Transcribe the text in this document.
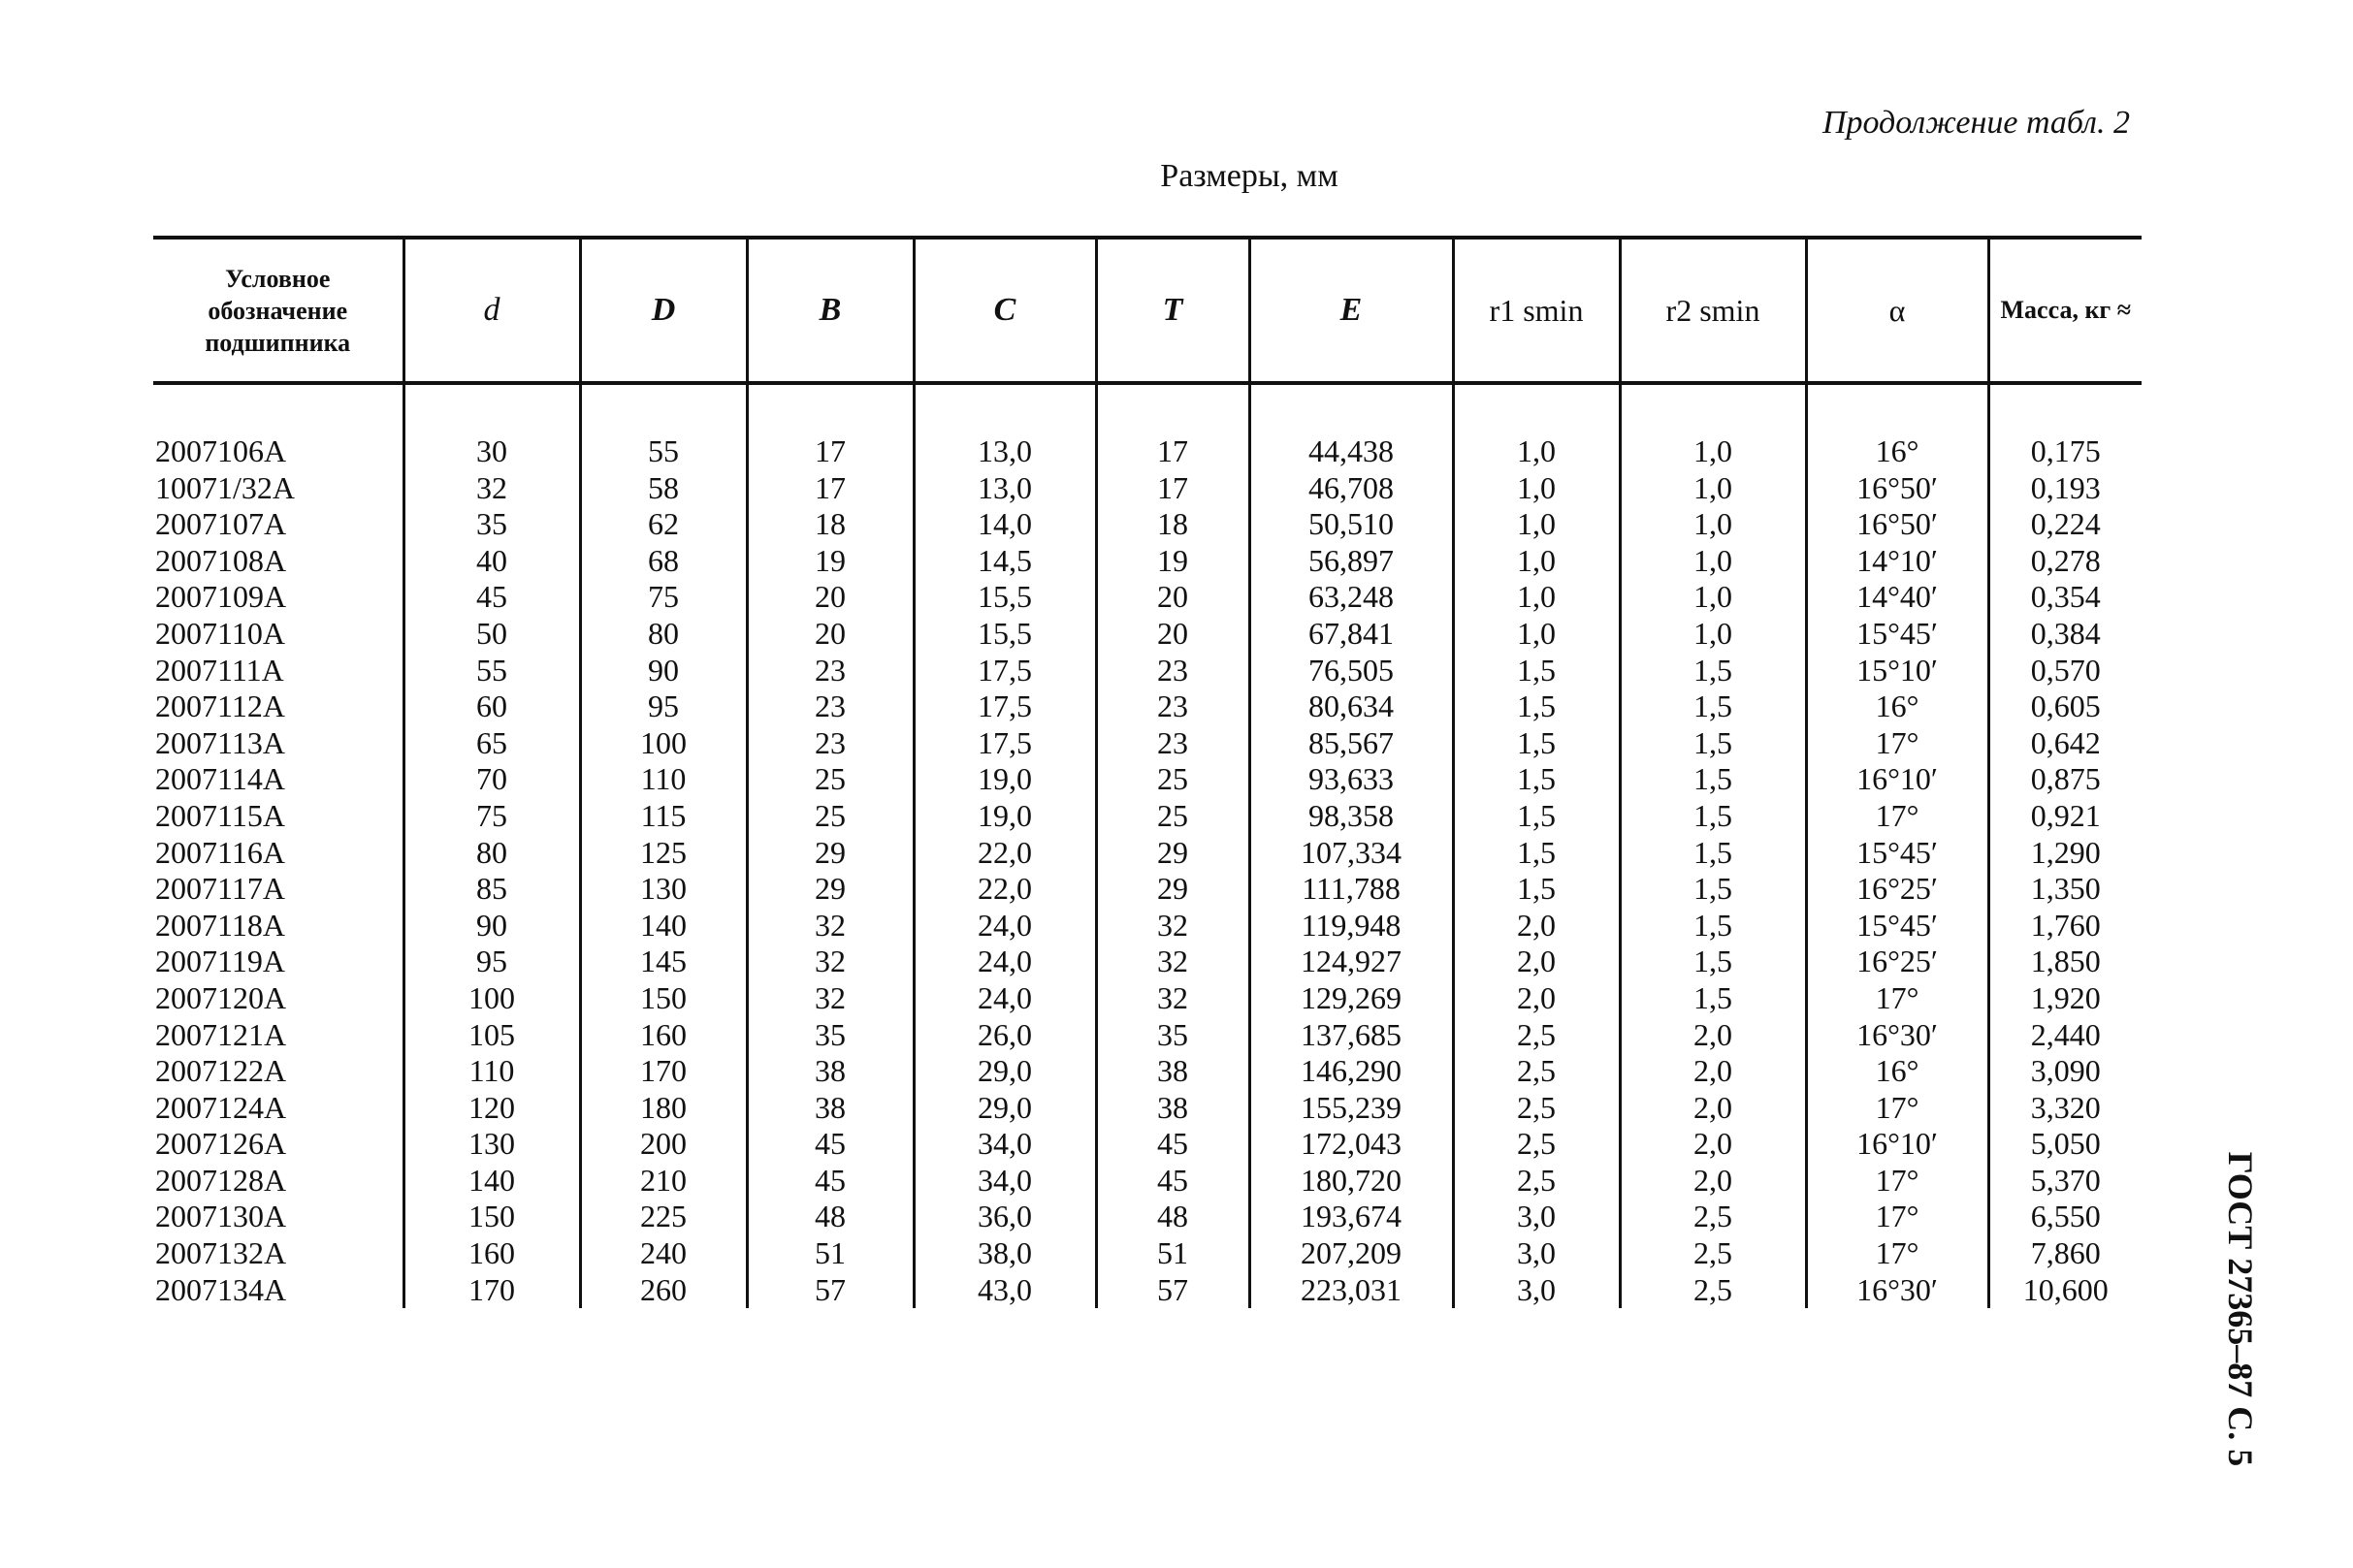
Продолжение табл. 2
Размеры, мм
Условное обозначение подшипника	d	D	B	C	T	E	r1 smin	r2 smin	α	Масса, кг ≈

2007106A	30	55	17	13,0	17	44,438	1,0	1,0	16°	0,175
10071/32A	32	58	17	13,0	17	46,708	1,0	1,0	16°50′	0,193
2007107A	35	62	18	14,0	18	50,510	1,0	1,0	16°50′	0,224
2007108A	40	68	19	14,5	19	56,897	1,0	1,0	14°10′	0,278
2007109A	45	75	20	15,5	20	63,248	1,0	1,0	14°40′	0,354
2007110A	50	80	20	15,5	20	67,841	1,0	1,0	15°45′	0,384
2007111A	55	90	23	17,5	23	76,505	1,5	1,5	15°10′	0,570
2007112A	60	95	23	17,5	23	80,634	1,5	1,5	16°	0,605
2007113A	65	100	23	17,5	23	85,567	1,5	1,5	17°	0,642
2007114A	70	110	25	19,0	25	93,633	1,5	1,5	16°10′	0,875
2007115A	75	115	25	19,0	25	98,358	1,5	1,5	17°	0,921
2007116A	80	125	29	22,0	29	107,334	1,5	1,5	15°45′	1,290
2007117A	85	130	29	22,0	29	111,788	1,5	1,5	16°25′	1,350
2007118A	90	140	32	24,0	32	119,948	2,0	1,5	15°45′	1,760
2007119A	95	145	32	24,0	32	124,927	2,0	1,5	16°25′	1,850
2007120A	100	150	32	24,0	32	129,269	2,0	1,5	17°	1,920
2007121A	105	160	35	26,0	35	137,685	2,5	2,0	16°30′	2,440
2007122A	110	170	38	29,0	38	146,290	2,5	2,0	16°	3,090
2007124A	120	180	38	29,0	38	155,239	2,5	2,0	17°	3,320
2007126A	130	200	45	34,0	45	172,043	2,5	2,0	16°10′	5,050
2007128A	140	210	45	34,0	45	180,720	2,5	2,0	17°	5,370
2007130A	150	225	48	36,0	48	193,674	3,0	2,5	17°	6,550
2007132A	160	240	51	38,0	51	207,209	3,0	2,5	17°	7,860
2007134A	170	260	57	43,0	57	223,031	3,0	2,5	16°30′	10,600	ГОСТ 27365–87 С. 5
